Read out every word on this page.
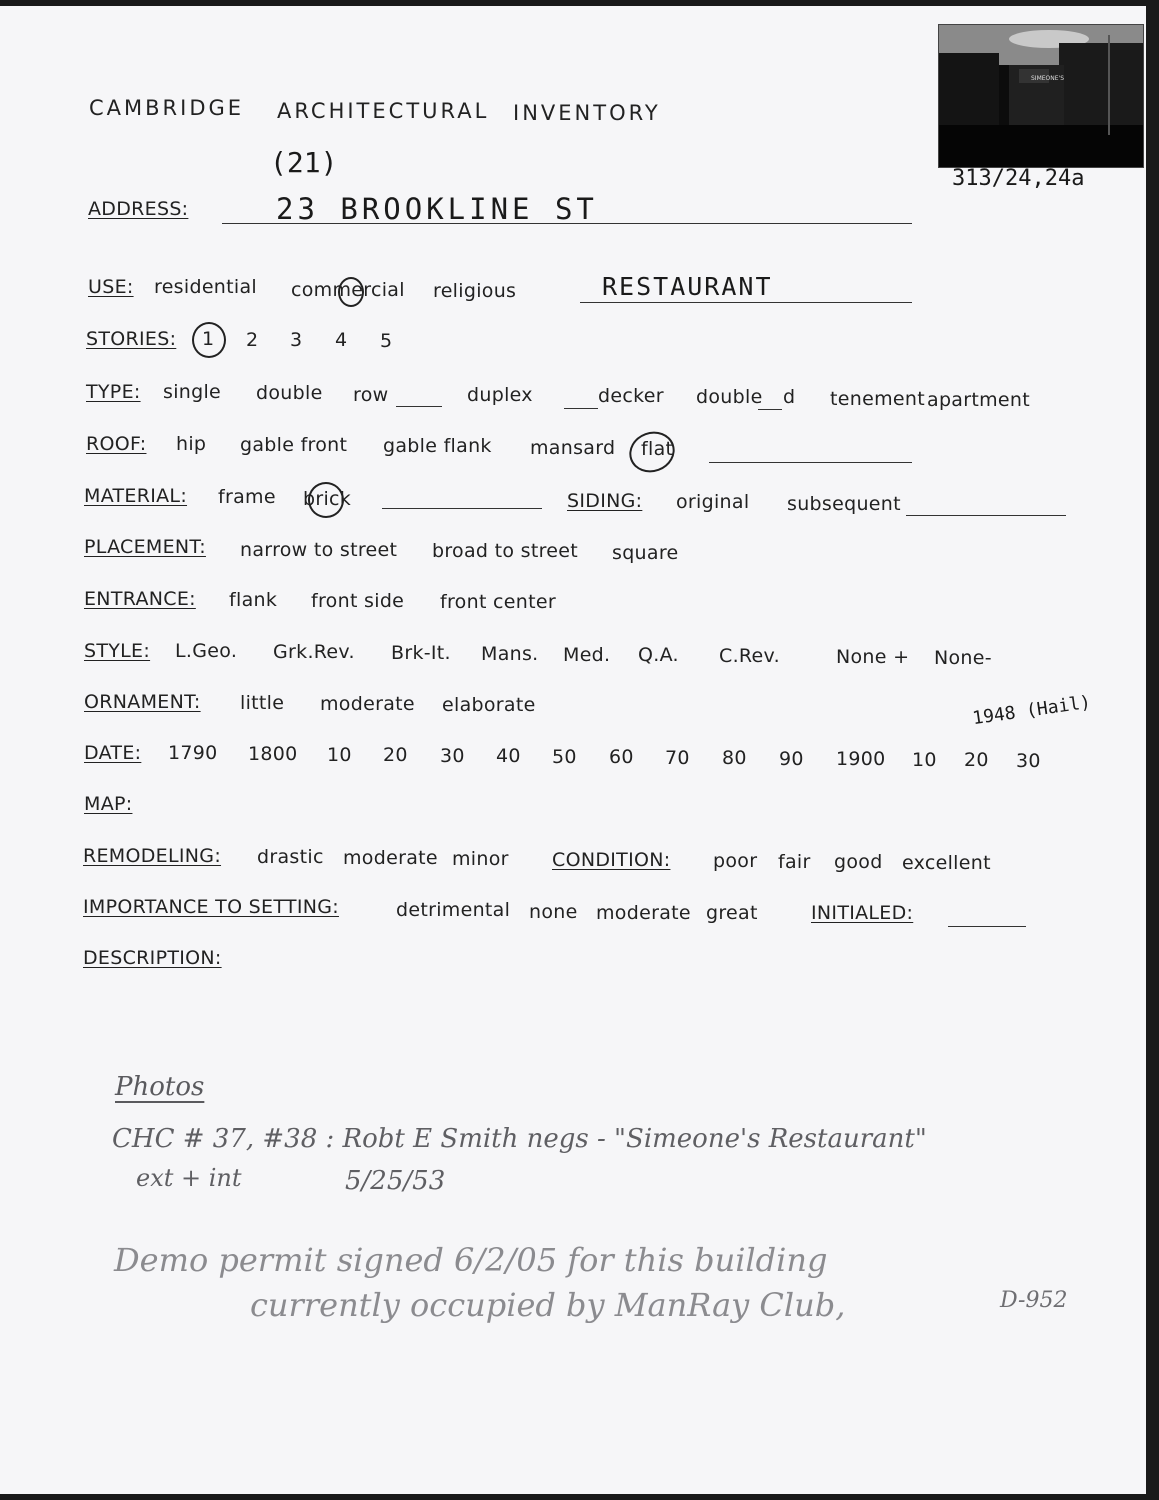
CAMBRIDGE ARCHITECTURAL INVENTORY
SIMEONE'S
313/24,24a
(21)
ADDRESS:	23 BROOKLINE ST
USE: residential commercial religious	RESTAURANT
STORIES: 1 2 3 4 5
TYPE: single double row	duplex	decker double d tenement apartment
ROOF: hip gable front gable flank mansard flat
MATERIAL: frame brick	SIDING: original subsequent
PLACEMENT: narrow to street broad to street square
ENTRANCE: flank front side front center
STYLE: L.Geo. Grk.Rev. Brk-It. Mans. Med. Q.A. C.Rev.	None + None-
ORNAMENT: little moderate elaborate	1948 (Hail)
DATE: 1790 1800 10 20 30 40 50 60 70 80 90 1900 10 20 30
MAP:
REMODELING: drastic moderate minor CONDITION: poor fair good excellent
IMPORTANCE TO SETTING:	detrimental none moderate great	INITIALED:
DESCRIPTION:
Photos
CHC # 37, #38 : Robt E Smith negs - "Simeone's Restaurant"
ext + int	5/25/53
Demo permit signed 6/2/05 for this building
currently occupied by ManRay Club,	D-952
